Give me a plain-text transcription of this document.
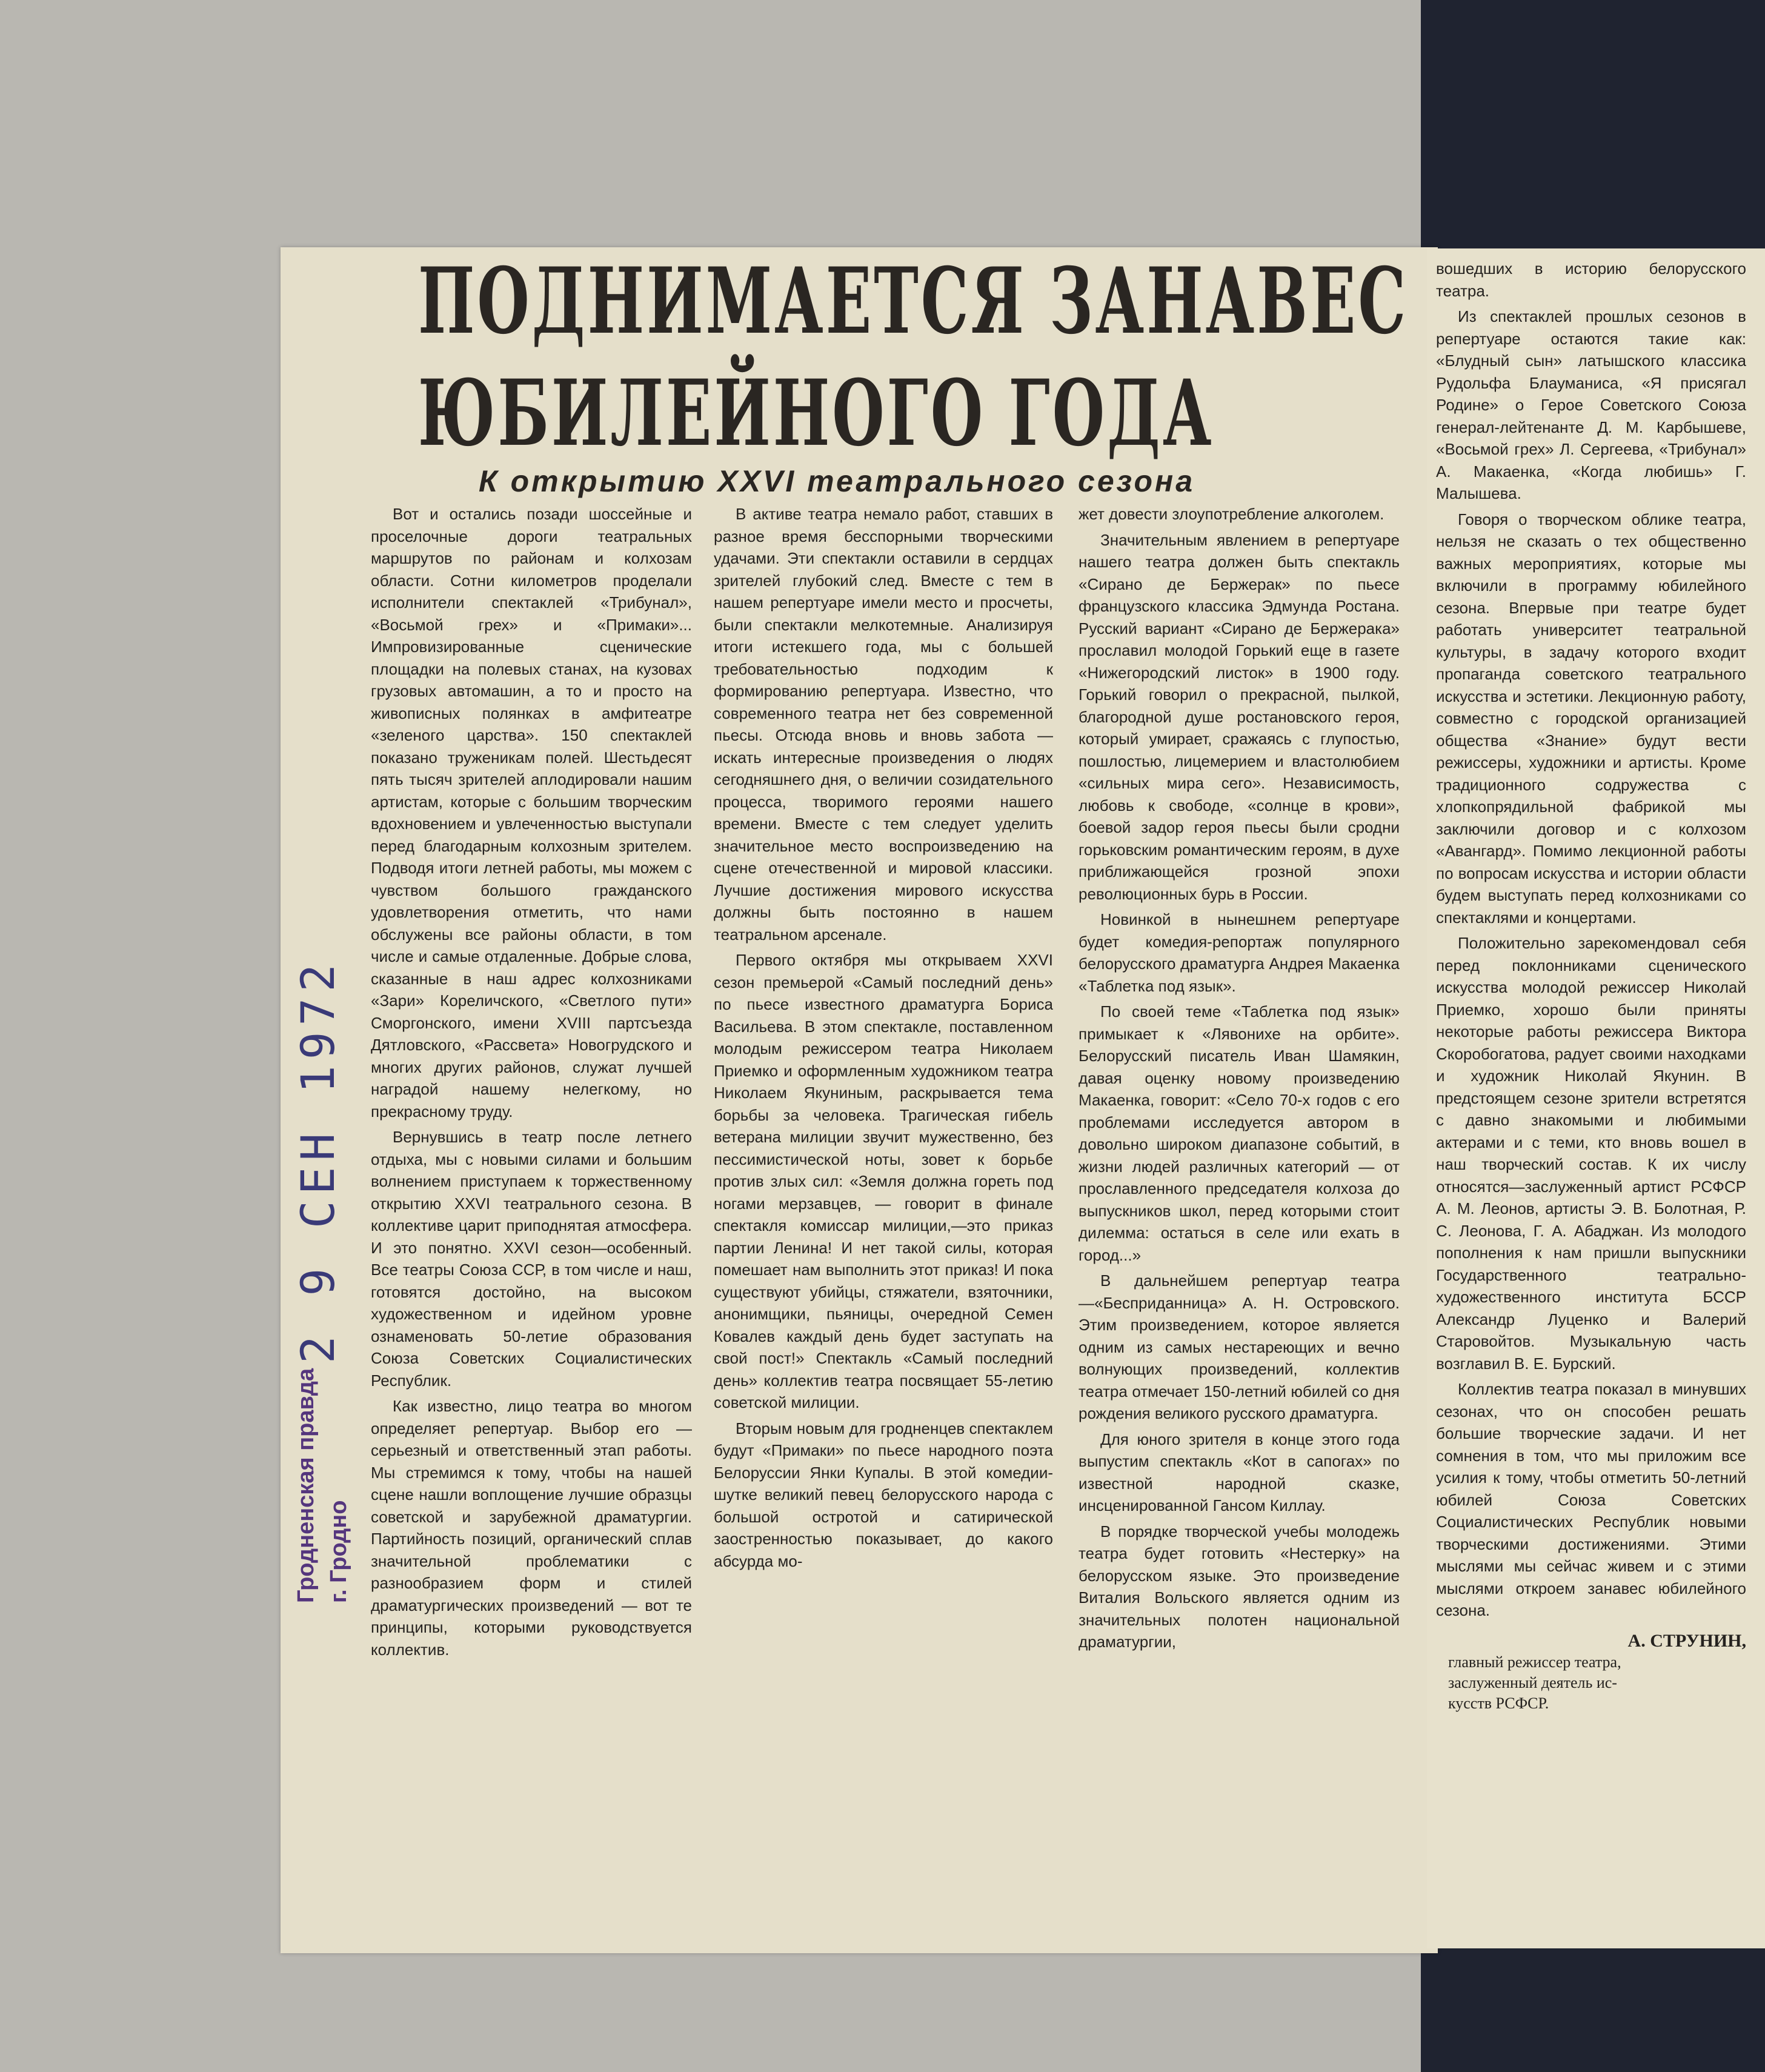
ПОДНИМАЕТСЯ ЗАНАВЕС
ЮБИЛЕЙНОГО ГОДА
К открытию XXVI театрального сезона
2 9 СЕН 1972
Гродненская правда г. Гродно

Вот и остались позади шоссейные и проселочные дороги театральных маршрутов по районам и колхозам области. Сотни километров проделали исполнители спектаклей «Трибунал», «Восьмой грех» и «Примаки»... Импровизированные сценические площадки на полевых станах, на кузовах грузовых автомашин, а то и просто на живописных полянках в амфитеатре «зеленого царства». 150 спектаклей показано труженикам полей. Шестьдесят пять тысяч зрителей аплодировали нашим артистам, которые с большим творческим вдохновением и увлеченностью выступали перед благодарным колхозным зрителем. Подводя итоги летней работы, мы можем с чувством большого гражданского удовлетворения отметить, что нами обслужены все районы области, в том числе и самые отдаленные. Добрые слова, сказанные в наш адрес колхозниками «Зари» Кореличского, «Светлого пути» Сморгонского, имени XVIII партсъезда Дятловского, «Рассвета» Новогрудского и многих других районов, служат лучшей наградой нашему нелегкому, но прекрасному труду.

Вернувшись в театр после летнего отдыха, мы с новыми силами и большим волнением приступаем к торжественному открытию XXVI театрального сезона. В коллективе царит приподнятая атмосфера. И это понятно. XXVI сезон—особенный. Все театры Союза ССР, в том числе и наш, готовятся достойно, на высоком художественном и идейном уровне ознаменовать 50-летие образования Союза Советских Социалистических Республик.

Как известно, лицо театра во многом определяет репертуар. Выбор его — серьезный и ответственный этап работы. Мы стремимся к тому, чтобы на нашей сцене нашли воплощение лучшие образцы советской и зарубежной драматургии. Партийность позиций, органический сплав значительной проблематики с разнообразием форм и стилей драматургических произведений — вот те принципы, которыми руководствуется коллектив.

В активе театра немало работ, ставших в разное время бесспорными творческими удачами. Эти спектакли оставили в сердцах зрителей глубокий след. Вместе с тем в нашем репертуаре имели место и просчеты, были спектакли мелкотемные. Анализируя итоги истекшего года, мы с большей требовательностью подходим к формированию репертуара. Известно, что современного театра нет без современной пьесы. Отсюда вновь и вновь забота — искать интересные произведения о людях сегодняшнего дня, о величии созидательного процесса, творимого героями нашего времени. Вместе с тем следует уделить значительное место воспроизведению на сцене отечественной и мировой классики. Лучшие достижения мирового искусства должны быть постоянно в нашем театральном арсенале.

Первого октября мы открываем XXVI сезон премьерой «Самый последний день» по пьесе известного драматурга Бориса Васильева. В этом спектакле, поставленном молодым режиссером театра Николаем Приемко и оформленным художником театра Николаем Якуниным, раскрывается тема борьбы за человека. Трагическая гибель ветерана милиции звучит мужественно, без пессимистической ноты, зовет к борьбе против злых сил: «Земля должна гореть под ногами мерзавцев, — говорит в финале спектакля комиссар милиции,—это приказ партии Ленина! И нет такой силы, которая помешает нам выполнить этот приказ! И пока существуют убийцы, стяжатели, взяточники, анонимщики, пьяницы, очередной Семен Ковалев каждый день будет заступать на свой пост!» Спектакль «Самый последний день» коллектив театра посвящает 55-летию советской милиции.

Вторым новым для гродненцев спектаклем будут «Примаки» по пьесе народного поэта Белоруссии Янки Купалы. В этой комедии-шутке великий певец белорусского народа с большой остротой и сатирической заостренностью показывает, до какого абсурда мо-

жет довести злоупотребление алкоголем.

Значительным явлением в репертуаре нашего театра должен быть спектакль «Сирано де Бержерак» по пьесе французского классика Эдмунда Ростана. Русский вариант «Сирано де Бержерака» прославил молодой Горький еще в газете «Нижегородский листок» в 1900 году. Горький говорил о прекрасной, пылкой, благородной душе ростановского героя, который умирает, сражаясь с глупостью, пошлостью, лицемерием и властолюбием «сильных мира сего». Независимость, любовь к свободе, «солнце в крови», боевой задор героя пьесы были сродни горьковским романтическим героям, в духе приближающейся грозной эпохи революционных бурь в России.

Новинкой в нынешнем репертуаре будет комедия-репортаж популярного белорусского драматурга Андрея Макаенка «Таблетка под язык».

По своей теме «Таблетка под язык» примыкает к «Лявонихе на орбите». Белорусский писатель Иван Шамякин, давая оценку новому произведению Макаенка, говорит: «Село 70-х годов с его проблемами исследуется автором в довольно широком диапазоне событий, в жизни людей различных категорий — от прославленного председателя колхоза до выпускников школ, перед которыми стоит дилемма: остаться в селе или ехать в город...»

В дальнейшем репертуар театра—«Бесприданница» А. Н. Островского. Этим произведением, которое является одним из самых нестареющих и вечно волнующих произведений, коллектив театра отмечает 150-летний юбилей со дня рождения великого русского драматурга.

Для юного зрителя в конце этого года выпустим спектакль «Кот в сапогах» по известной народной сказке, инсценированной Гансом Киллау.

В порядке творческой учебы молодежь театра будет готовить «Нестерку» на белорусском языке. Это произведение Виталия Вольского является одним из значительных полотен национальной драматургии,

вошедших в историю белорусского театра.

Из спектаклей прошлых сезонов в репертуаре остаются такие как: «Блудный сын» латышского классика Рудольфа Блауманиса, «Я присягал Родине» о Герое Советского Союза генерал-лейтенанте Д. М. Карбышеве, «Восьмой грех» Л. Сергеева, «Трибунал» А. Макаенка, «Когда любишь» Г. Малышева.

Говоря о творческом облике театра, нельзя не сказать о тех общественно важных мероприятиях, которые мы включили в программу юбилейного сезона. Впервые при театре будет работать университет театральной культуры, в задачу которого входит пропаганда советского театрального искусства и эстетики. Лекционную работу, совместно с городской организацией общества «Знание» будут вести режиссеры, художники и артисты. Кроме традиционного содружества с хлопкопрядильной фабрикой мы заключили договор и с колхозом «Авангард». Помимо лекционной работы по вопросам искусства и истории области будем выступать перед колхозниками со спектаклями и концертами.

Положительно зарекомендовал себя перед поклонниками сценического искусства молодой режиссер Николай Приемко, хорошо были приняты некоторые работы режиссера Виктора Скоробогатова, радует своими находками и художник Николай Якунин. В предстоящем сезоне зрители встретятся с давно знакомыми и любимыми актерами и с теми, кто вновь вошел в наш творческий состав. К их числу относятся—заслуженный артист РСФСР А. М. Леонов, артисты Э. В. Болотная, Р. С. Леонова, Г. А. Абаджан. Из молодого пополнения к нам пришли выпускники Государственного театрально-художественного института БССР Александр Луценко и Валерий Старовойтов. Музыкальную часть возглавил В. Е. Бурский.

Коллектив театра показал в минувших сезонах, что он способен решать большие творческие задачи. И нет сомнения в том, что мы приложим все усилия к тому, чтобы отметить 50-летний юбилей Союза Советских Социалистических Республик новыми творческими достижениями. Этими мыслями мы сейчас живем и с этими мыслями откроем занавес юбилейного сезона.

А. СТРУНИН,
главный режиссер театра,
заслуженный деятель ис-
кусств РСФСР.
